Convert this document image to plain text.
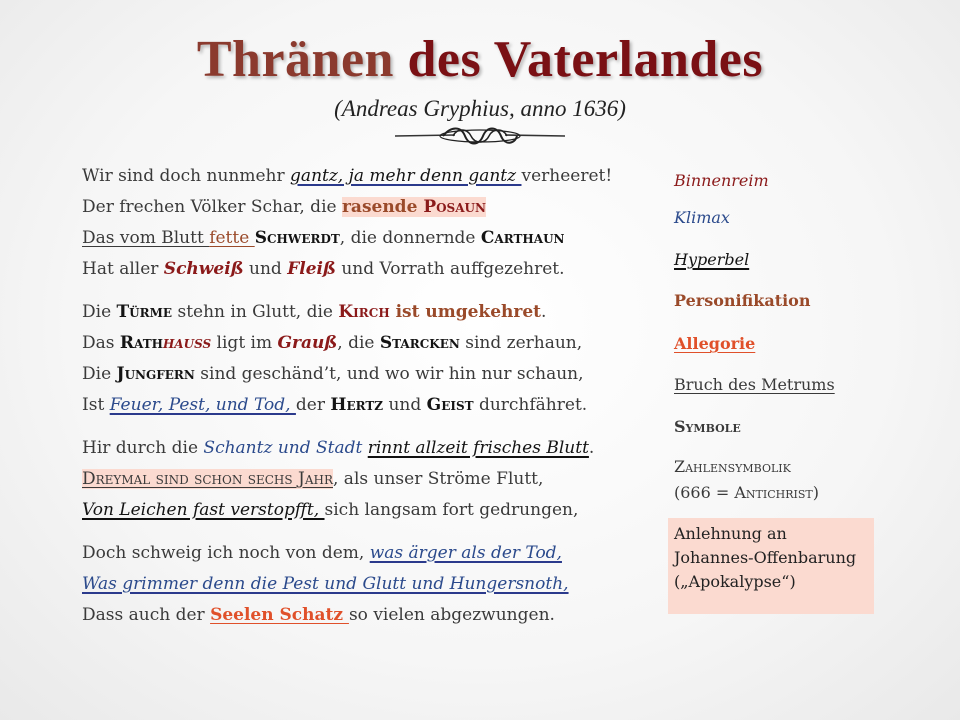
Thränen des Vaterlandes
(Andreas Gryphius, anno 1636)
Wir sind doch nunmehr gantz, ja mehr denn gantz verheeret!
Der frechen Völker Schar, die rasende Posaun
Das vom Blutt fette Schwerdt, die donnernde Carthaun
Hat aller Schweiß und Fleiß und Vorrath auffgezehret.
Die Türme stehn in Glutt, die Kirch ist umgekehret.
Das Rathhauß ligt im Grauß, die Starcken sind zerhaun,
Die Jungfern sind geschänd’t, und wo wir hin nur schaun,
Ist Feuer, Pest, und Tod, der Hertz und Geist durchfähret.
Hir durch die Schantz und Stadt rinnt allzeit frisches Blutt.
Dreymal sind schon sechs Jahr, als unser Ströme Flutt,
Von Leichen fast verstopfft, sich langsam fort gedrungen,
Doch schweig ich noch von dem, was ärger als der Tod,
Was grimmer denn die Pest und Glutt und Hungersnoth,
Dass auch der Seelen Schatz so vielen abgezwungen.
Binnenreim
Klimax
Hyperbel
Personifikation
Allegorie
Bruch des Metrums
Symbole
Zahlensymbolik
(666 = Antichrist)
Anlehnung an
Johannes-Offenbarung
(„Apokalypse“)
